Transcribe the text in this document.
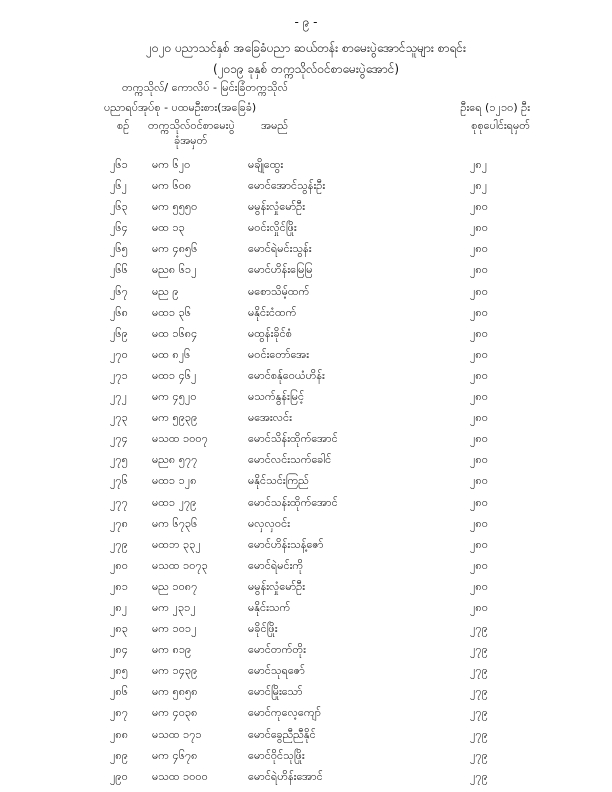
- ၉ -
၂၀၂၀ ပညာသင်နှစ် အခြေခံပညာ ဆယ်တန်း စာမေးပွဲအောင်သူများ စာရင်း
(၂၀၁၉ ခုနှစ် တက္ကသိုလ်ဝင်စာမေးပွဲအောင်)
တက္ကသိုလ်/ ကောလိပ် - မြင်းခြံတက္ကသိုလ်
ပညာရပ်အုပ်စု - ပထမဦးစား(အခြေခံ)	ဦးရေ (၁၂၁၀) ဦး
စဉ် တက္ကသိုလ်ဝင်စာမေးပွဲ
ခုံအမှတ်
အမည်	စုစုပေါင်းရမှတ်
၂၆၁ မက ၆၂၀	မချိုထွေး	၂၈၂
၂၆၂ မက ၆၀၈	မောင်အောင်သွန်းဦး	၂၈၂
၂၆၃ မက ၅၅၅၀	မမွန်းလှုံမော်ဦး	၂၈၀
၂၆၄ မထ ၁၃	မဝင်းလှိုင်ဖြိုး	၂၈၀
၂၆၅ မက ၄၈၅၆	မောင်ရဲမင်းသွန်း	၂၈၀
၂၆၆ မည၈ ၆၁၂	မောင်ဟိန်းမြေမြ	၂၈၀
၂၆၇ မည ၉	မစောသိမ့်ထက်	၂၈၀
၂၆၈ မထ၁ ၃၆	မနိုင်းငံထက်	၂၈၀
၂၆၉ မထ ၁၆၈၄	မထွန်းခိုင်စံ	၂၈၀
၂၇၀ မထ ၈၂၆	မဝင်းတော်အေး	၂၈၀
၂၇၁ မထ၁ ၄၆၂	မောင်စန်ုဝေယံဟိန်း	၂၈၀
၂၇၂ မက ၄၅၂၀	မသက်နွန်းမြင့်	၂၈၀
၂၇၃ မက ၅၉၃၉	မအေးလင်း	၂၈၀
၂၇၄ မသထ ၁၀၀၇	မောင်သိန်းထိုက်အောင်	၂၈၀
၂၇၅ မည၈ ၅၇၇	မောင်လင်းသက်ခေါင်	၂၈၀
၂၇၆ မထ၁ ၁၂၈	မနိုင်သင်းကြည်	၂၈၀
၂၇၇ မထ၁ ၂၇၉	မောင်သန်းထိုက်အောင်	၂၈၀
၂၇၈ မက ၆၇၃၆	မလှလှဝင်း	၂၈၀
၂၇၉ မထဘ ၃၃၂	မောင်ဟိန်းသန့်ဇော်	၂၈၀
၂၈၀ မသထ ၁၀၇၃	မောင်ရဲမင်းကို	၂၈၀
၂၈၁ မည ၁၀၈၇	မမွန်းလှုံမော်ဦး	၂၈၀
၂၈၂ မက ၂၃၁၂	မနိုင်းသက်	၂၈၀
၂၈၃ မက ၁၀၁၂	မခိုင်ဖြိုး	၂၇၉
၂၈၄ မက ၈၁၉	မောင်တက်တိုး	၂၇၉
၂၈၅ မက ၁၄၃၉	မောင်သုရဇော်	၂၇၉
၂၈၆ မက ၅၈၅၈	မောင်မြိုးသော်	၂၇၉
၂၈၇ မက ၄၀၃၈	မောင်ကုလေ့ကျော်	၂၇၉
၂၈၈ မသထ ၁၇၁	မောင်ခွေညီညီနိုင်	၂၇၉
၂၈၉ မက ၄၆၇၈	မောင်ဝိုင်သုဖြိုး	၂၇၉
၂၉၀ မသထ ၁၀၀၀	မောင်ရဲဟိန်းအောင်	၂၇၉
